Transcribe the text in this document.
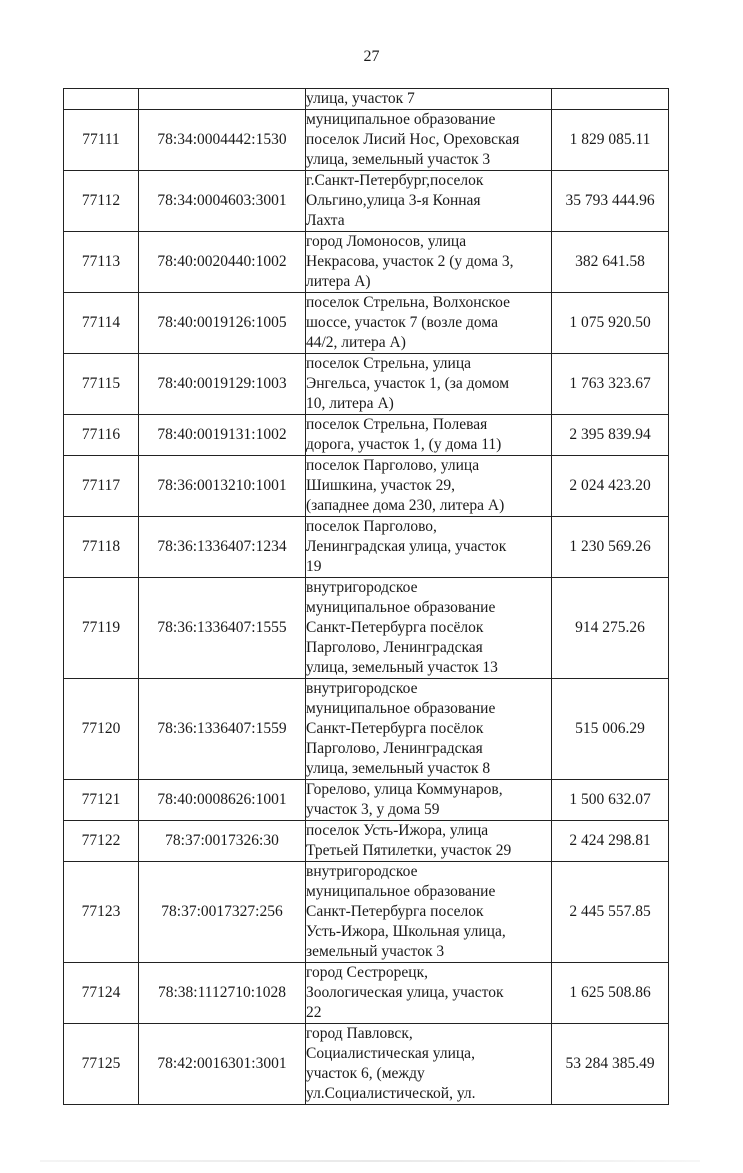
27

		улица, участок 7	

77111	78:34:0004442:1530	муниципальное образование
поселок Лисий Нос, Ореховская
улица, земельный участок 3	1 829 085.11
77112	78:34:0004603:3001	г.Санкт-Петербург,поселок
Ольгино,улица 3-я Конная
Лахта	35 793 444.96
77113	78:40:0020440:1002	город Ломоносов, улица
Некрасова, участок 2 (у дома 3,
литера А)	382 641.58
77114	78:40:0019126:1005	поселок Стрельна, Волхонское
шоссе, участок 7 (возле дома
44/2, литера А)	1 075 920.50
77115	78:40:0019129:1003	поселок Стрельна, улица
Энгельса, участок 1, (за домом
10, литера А)	1 763 323.67
77116	78:40:0019131:1002	поселок Стрельна, Полевая
дорога, участок 1, (у дома 11)	2 395 839.94
77117	78:36:0013210:1001	поселок Парголово, улица
Шишкина, участок 29,
(западнее дома 230, литера А)	2 024 423.20
77118	78:36:1336407:1234	поселок Парголово,
Ленинградская улица, участок
19	1 230 569.26
77119	78:36:1336407:1555	внутригородское
муниципальное образование
Санкт-Петербурга посёлок
Парголово, Ленинградская
улица, земельный участок 13	914 275.26
77120	78:36:1336407:1559	внутригородское
муниципальное образование
Санкт-Петербурга посёлок
Парголово, Ленинградская
улица, земельный участок 8	515 006.29
77121	78:40:0008626:1001	Горелово, улица Коммунаров,
участок 3, у дома 59	1 500 632.07
77122	78:37:0017326:30	поселок Усть-Ижора, улица
Третьей Пятилетки, участок 29	2 424 298.81
77123	78:37:0017327:256	внутригородское
муниципальное образование
Санкт-Петербурга поселок
Усть-Ижора, Школьная улица,
земельный участок 3	2 445 557.85
77124	78:38:1112710:1028	город Сестрорецк,
Зоологическая улица, участок
22	1 625 508.86
77125	78:42:0016301:3001	город Павловск,
Социалистическая улица,
участок 6, (между
ул.Социалистической, ул.	53 284 385.49
